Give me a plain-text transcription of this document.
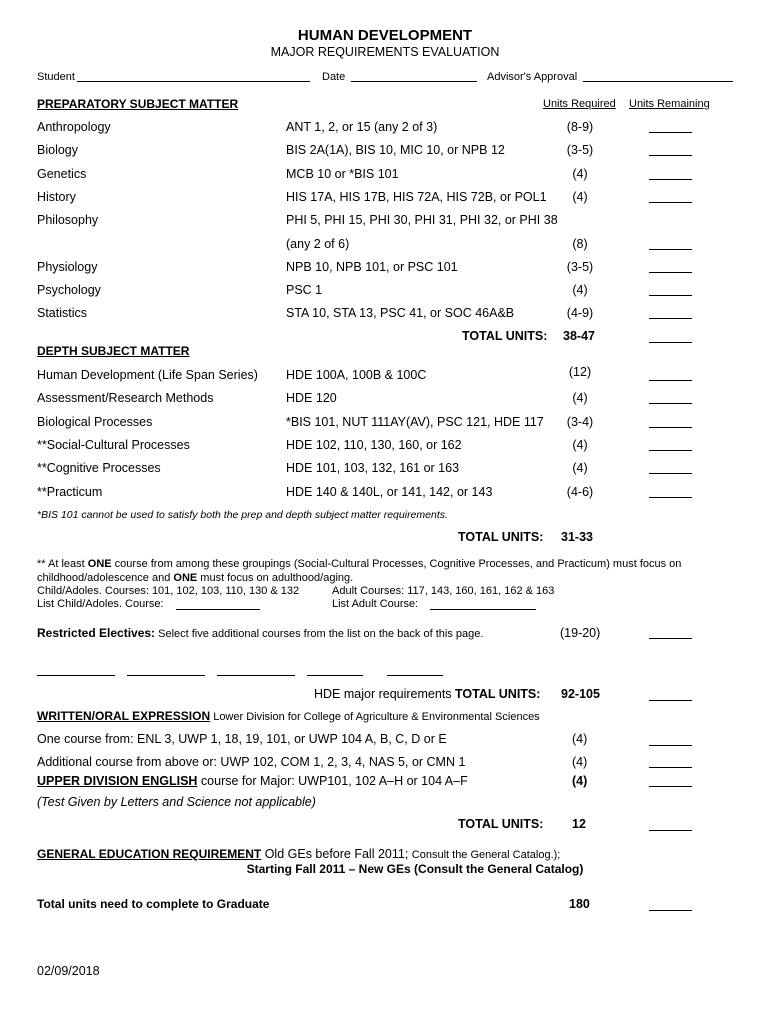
HUMAN DEVELOPMENT
MAJOR REQUIREMENTS EVALUATION
Student	Date	Advisor's Approval
PREPARATORY SUBJECT MATTER	Units Required Units Remaining
Anthropology	ANT 1, 2, or 15 (any 2 of 3)	(8-9)
Biology	BIS 2A(1A), BIS 10, MIC 10, or NPB 12	(3-5)
Genetics	MCB 10 or *BIS 101	(4)
History	HIS 17A, HIS 17B, HIS 72A, HIS 72B, or POL1	(4)
Philosophy	PHI 5, PHI 15, PHI 30, PHI 31, PHI 32, or PHI 38
(any 2 of 6)	(8)
Physiology	NPB 10, NPB 101, or PSC 101	(3-5)
Psychology	PSC 1	(4)
Statistics	STA 10, STA 13, PSC 41, or SOC 46A&B	(4-9)
TOTAL UNITS: 38-47
DEPTH SUBJECT MATTER
Human Development (Life Span Series) HDE 100A, 100B & 100C	(12)
Assessment/Research Methods	HDE 120	(4)
Biological Processes	*BIS 101, NUT 111AY(AV), PSC 121, HDE 117	(3-4)
**Social-Cultural Processes	HDE 102, 110, 130, 160, or 162	(4)
**Cognitive Processes	HDE 101, 103, 132, 161 or 163	(4)
**Practicum	HDE 140 & 140L, or 141, 142, or 143	(4-6)
*BIS 101 cannot be used to satisfy both the prep and depth subject matter requirements.
TOTAL UNITS: 31-33
** At least ONE course from among these groupings (Social-Cultural Processes, Cognitive Processes, and Practicum) must focus on
childhood/adolescence and ONE must focus on adulthood/aging.
Child/Adoles. Courses: 101, 102, 103, 110, 130 & 132	Adult Courses: 117, 143, 160, 161, 162 & 163
List Child/Adoles. Course:	List Adult Course:
Restricted Electives: Select five additional courses from the list on the back of this page.	(19-20)
HDE major requirements TOTAL UNITS: 92-105
WRITTEN/ORAL EXPRESSION Lower Division for College of Agriculture & Environmental Sciences
One course from: ENL 3, UWP 1, 18, 19, 101, or UWP 104 A, B, C, D or E	(4)
Additional course from above or: UWP 102, COM 1, 2, 3, 4, NAS 5, or CMN 1	(4)
UPPER DIVISION ENGLISH course for Major: UWP101, 102 A–H or 104 A–F	(4)
(Test Given by Letters and Science not applicable)
TOTAL UNITS: 12
GENERAL EDUCATION REQUIREMENT Old GEs before Fall 2011; Consult the General Catalog.);
Starting Fall 2011 – New GEs (Consult the General Catalog)
Total units need to complete to Graduate	180
02/09/2018
